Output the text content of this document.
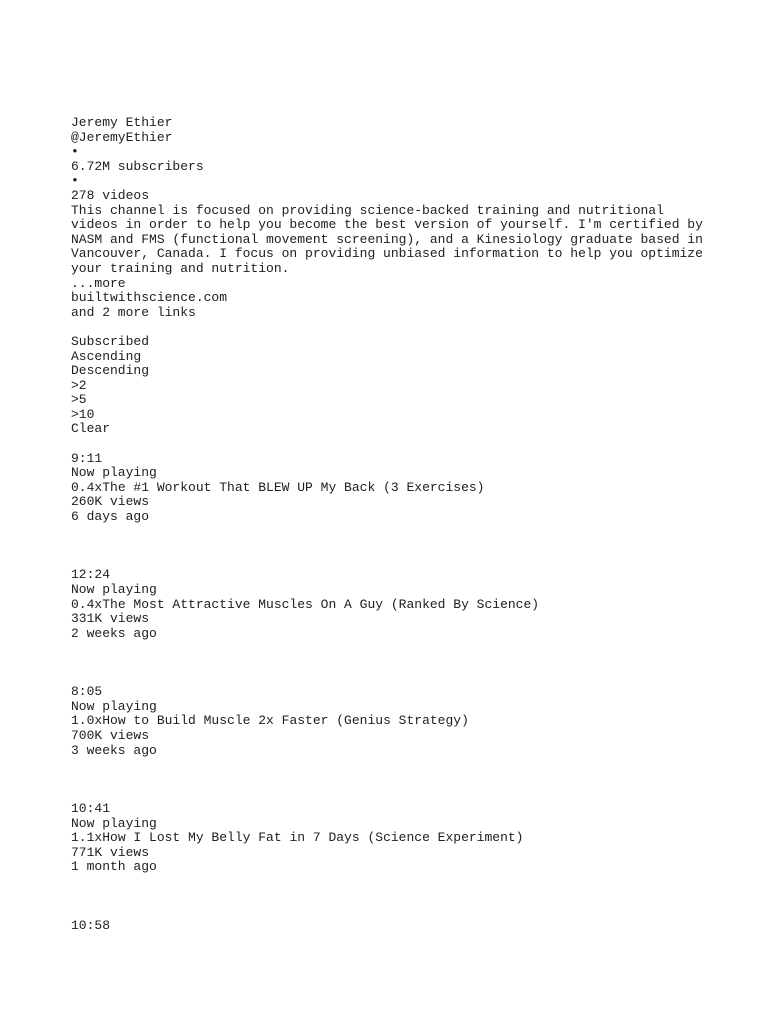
Jeremy Ethier
@JeremyEthier
•
6.72M subscribers
•
278 videos
This channel is focused on providing science-backed training and nutritional videos in order to help you become the best version of yourself. I'm certified by NASM and FMS (functional movement screening), and a Kinesiology graduate based in Vancouver, Canada. I focus on providing unbiased information to help you optimize your training and nutrition.
...more
builtwithscience.com
and 2 more links
Subscribed
Ascending
Descending
>2
>5
>10
Clear
9:11
Now playing
0.4xThe #1 Workout That BLEW UP My Back (3 Exercises)
260K views
6 days ago
12:24
Now playing
0.4xThe Most Attractive Muscles On A Guy (Ranked By Science)
331K views
2 weeks ago
8:05
Now playing
1.0xHow to Build Muscle 2x Faster (Genius Strategy)
700K views
3 weeks ago
10:41
Now playing
1.1xHow I Lost My Belly Fat in 7 Days (Science Experiment)
771K views
1 month ago
10:58
